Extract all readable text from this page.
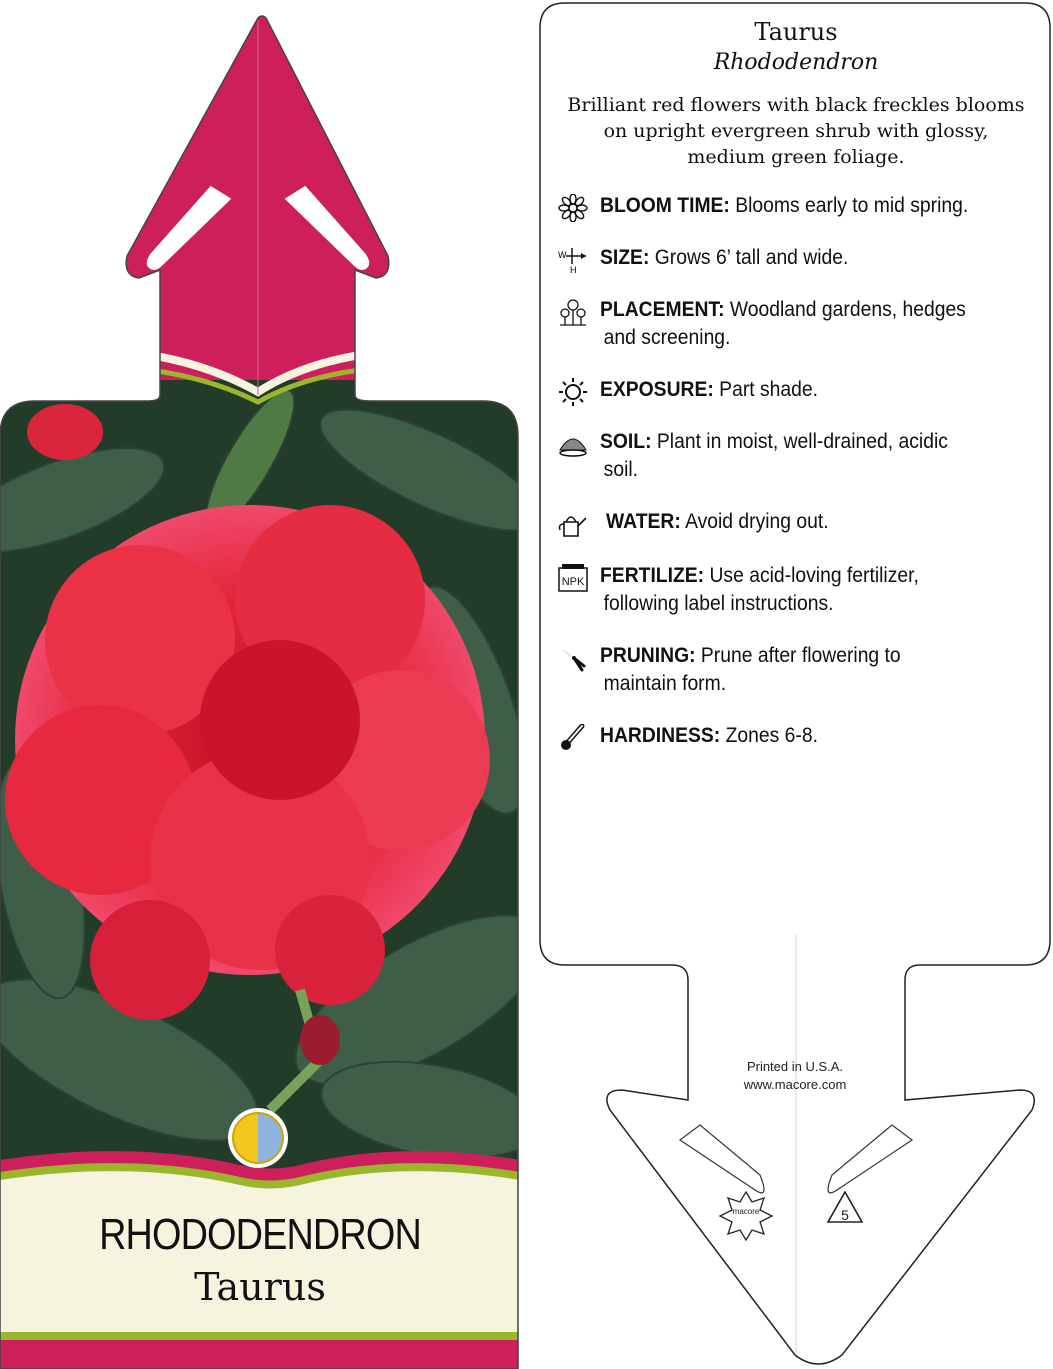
macore	5
RHODODENDRON
Taurus
Taurus
Rhododendron
Brilliant red flowers with black freckles blooms on upright evergreen shrub with glossy, medium green foliage.
BLOOM TIME: Blooms early to mid spring.
W
H
SIZE: Grows 6’ tall and wide.
PLACEMENT: Woodland gardens, hedges
and screening.
EXPOSURE: Part shade.
SOIL: Plant in moist, well-drained, acidic
soil.
WATER: Avoid drying out.
NPK FERTILIZE: Use acid-loving fertilizer,
following label instructions.
PRUNING: Prune after flowering to
maintain form.
HARDINESS: Zones 6-8.
Printed in U.S.A.
www.macore.com
